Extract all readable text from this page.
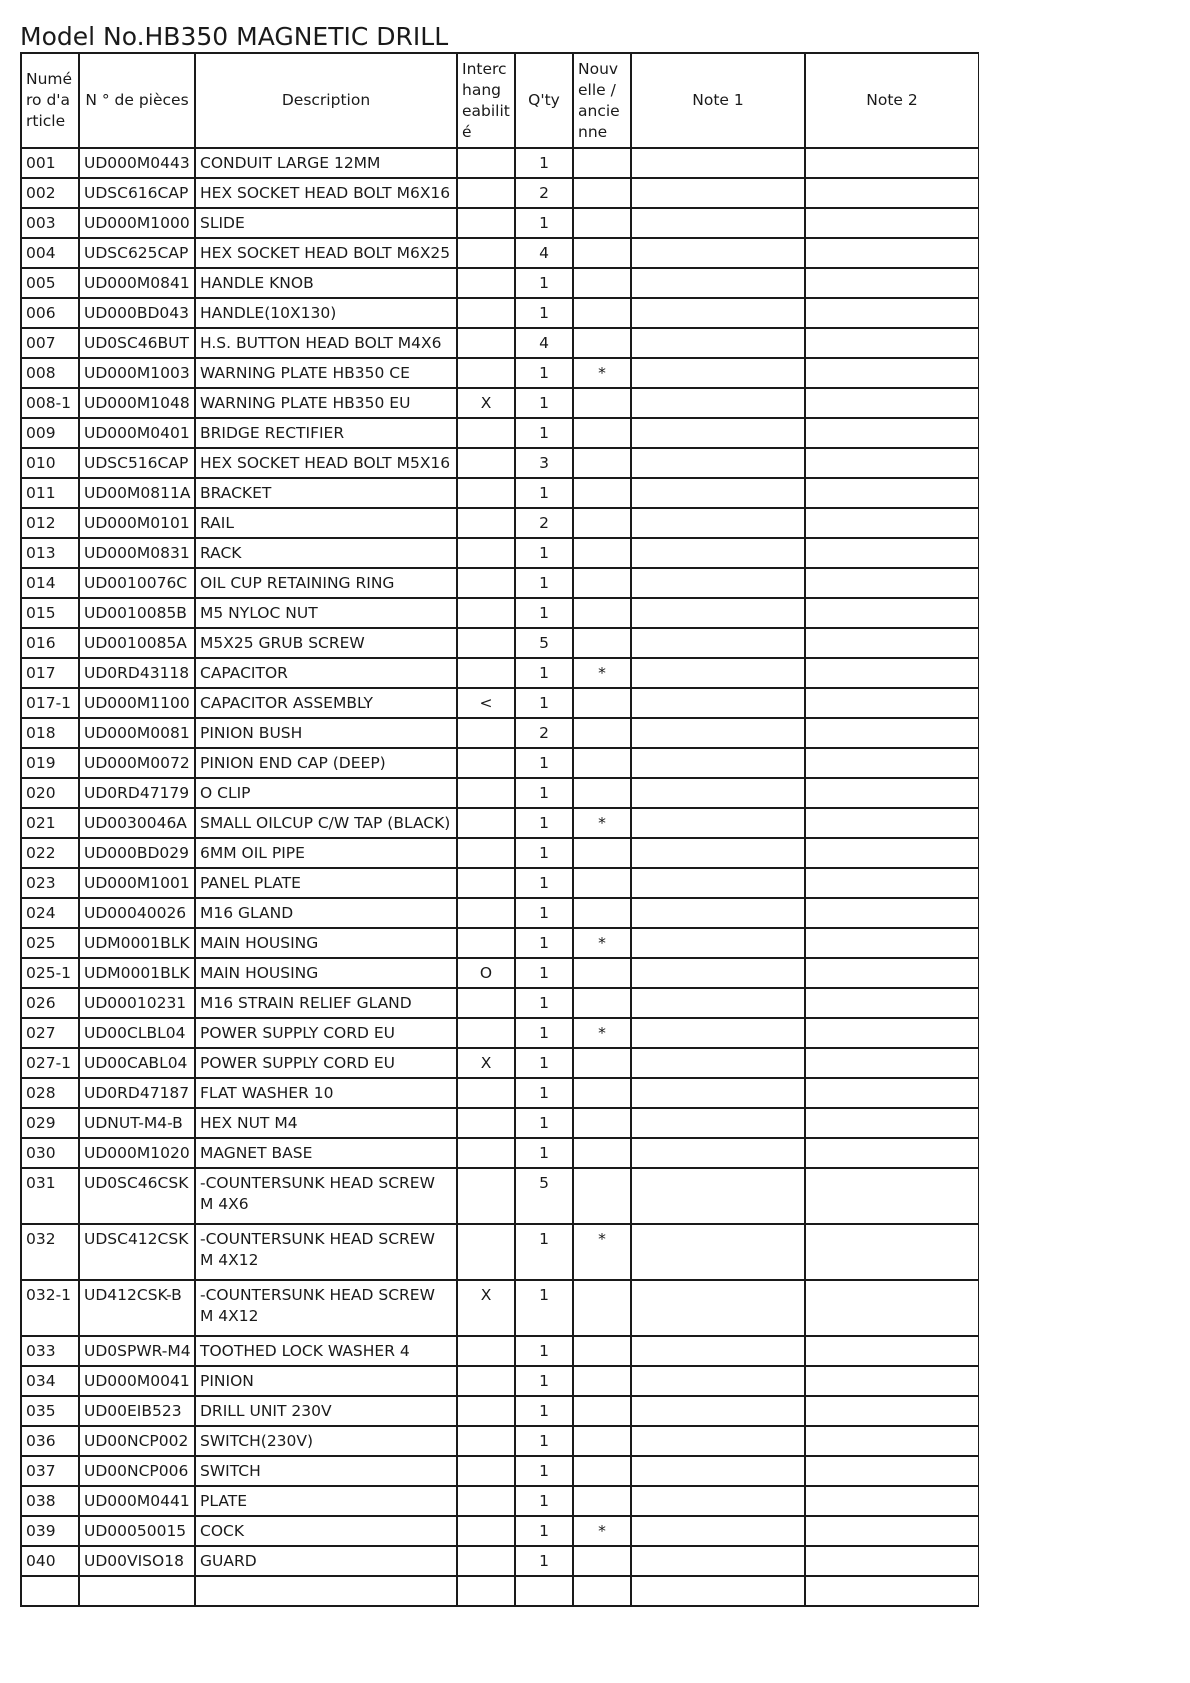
Model No.HB350 MAGNETIC DRILL
Numéro d'article	N ° de pièces	Description	Interchangeabilité	Q'ty	Nouvelle / ancienne	Note 1	Note 2
001	UD000M0443	CONDUIT LARGE 12MM		1			
002	UDSC616CAP	HEX SOCKET HEAD BOLT M6X16		2			
003	UD000M1000	SLIDE		1			
004	UDSC625CAP	HEX SOCKET HEAD BOLT M6X25		4			
005	UD000M0841	HANDLE KNOB		1			
006	UD000BD043	HANDLE(10X130)		1			
007	UD0SC46BUT	H.S. BUTTON HEAD BOLT M4X6		4			
008	UD000M1003	WARNING PLATE HB350 CE		1	*		
008-1	UD000M1048	WARNING PLATE HB350 EU	X	1			
009	UD000M0401	BRIDGE RECTIFIER		1			
010	UDSC516CAP	HEX SOCKET HEAD BOLT M5X16		3			
011	UD00M0811A	BRACKET		1			
012	UD000M0101	RAIL		2			
013	UD000M0831	RACK		1			
014	UD0010076C	OIL CUP RETAINING RING		1			
015	UD0010085B	M5 NYLOC NUT		1			
016	UD0010085A	M5X25 GRUB SCREW		5			
017	UD0RD43118	CAPACITOR		1	*		
017-1	UD000M1100	CAPACITOR ASSEMBLY	<	1			
018	UD000M0081	PINION BUSH		2			
019	UD000M0072	PINION END CAP (DEEP)		1			
020	UD0RD47179	O CLIP		1			
021	UD0030046A	SMALL OILCUP C/W TAP (BLACK)		1	*		
022	UD000BD029	6MM OIL PIPE		1			
023	UD000M1001	PANEL PLATE		1			
024	UD00040026	M16 GLAND		1			
025	UDM0001BLK	MAIN HOUSING		1	*		
025-1	UDM0001BLK	MAIN HOUSING	O	1			
026	UD00010231	M16 STRAIN RELIEF GLAND		1			
027	UD00CLBL04	POWER SUPPLY CORD EU		1	*		
027-1	UD00CABL04	POWER SUPPLY CORD EU	X	1			
028	UD0RD47187	FLAT WASHER 10		1			
029	UDNUT-M4-B	HEX NUT M4		1			
030	UD000M1020	MAGNET BASE		1			
031	UD0SC46CSK	-COUNTERSUNK HEAD SCREW M 4X6		5			
032	UDSC412CSK	-COUNTERSUNK HEAD SCREW M 4X12		1	*		
032-1	UD412CSK-B	-COUNTERSUNK HEAD SCREW M 4X12	X	1			
033	UD0SPWR-M4	TOOTHED LOCK WASHER 4		1			
034	UD000M0041	PINION		1			
035	UD00EIB523	DRILL UNIT 230V		1			
036	UD00NCP002	SWITCH(230V)		1			
037	UD00NCP006	SWITCH		1			
038	UD000M0441	PLATE		1			
039	UD00050015	COCK		1	*		
040	UD00VISO18	GUARD		1			
